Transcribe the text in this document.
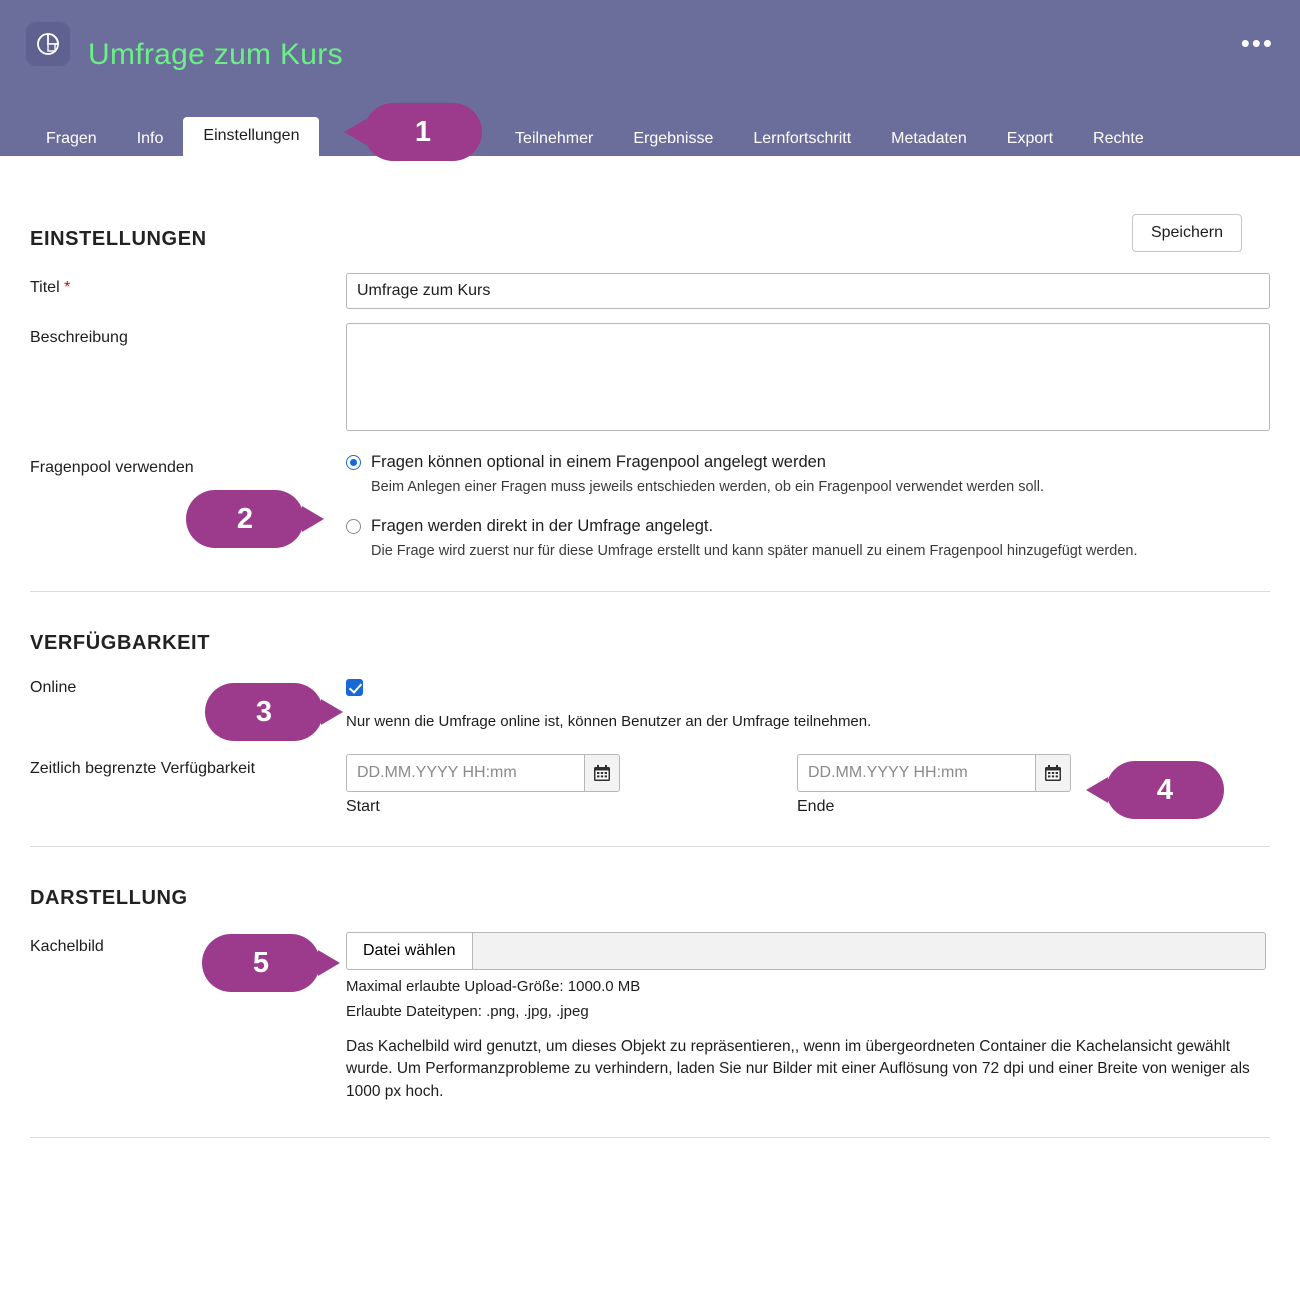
Umfrage zum Kurs	•••
Fragen	Info	Einstellungen	Teilnehmer	Ergebnisse	Lernfortschritt	Metadaten	Export	Rechte
EINSTELLUNGEN	Speichern
Titel *
Umfrage zum Kurs
Beschreibung
Fragenpool verwenden	Fragen können optional in einem Fragenpool angelegt werden
Beim Anlegen einer Fragen muss jeweils entschieden werden, ob ein Fragenpool verwendet werden soll.
Fragen werden direkt in der Umfrage angelegt.
Die Frage wird zuerst nur für diese Umfrage erstellt und kann später manuell zu einem Fragenpool hinzugefügt werden.
VERFÜGBARKEIT
Online
Nur wenn die Umfrage online ist, können Benutzer an der Umfrage teilnehmen.
Zeitlich begrenzte Verfügbarkeit
DD.MM.YYYY HH:mm
Start
DD.MM.YYYY HH:mm	Ende
DARSTELLUNG
Kachelbild	Datei wählen
Maximal erlaubte Upload-Größe: 1000.0 MB
Erlaubte Dateitypen: .png, .jpg, .jpeg
Das Kachelbild wird genutzt, um dieses Objekt zu repräsentieren,, wenn im übergeordneten Container die Kachelansicht gewählt wurde. Um Performanzprobleme zu verhindern, laden Sie nur Bilder mit einer Auflösung von 72 dpi und einer Breite von weniger als 1000 px hoch.
1
2
3
4
5
